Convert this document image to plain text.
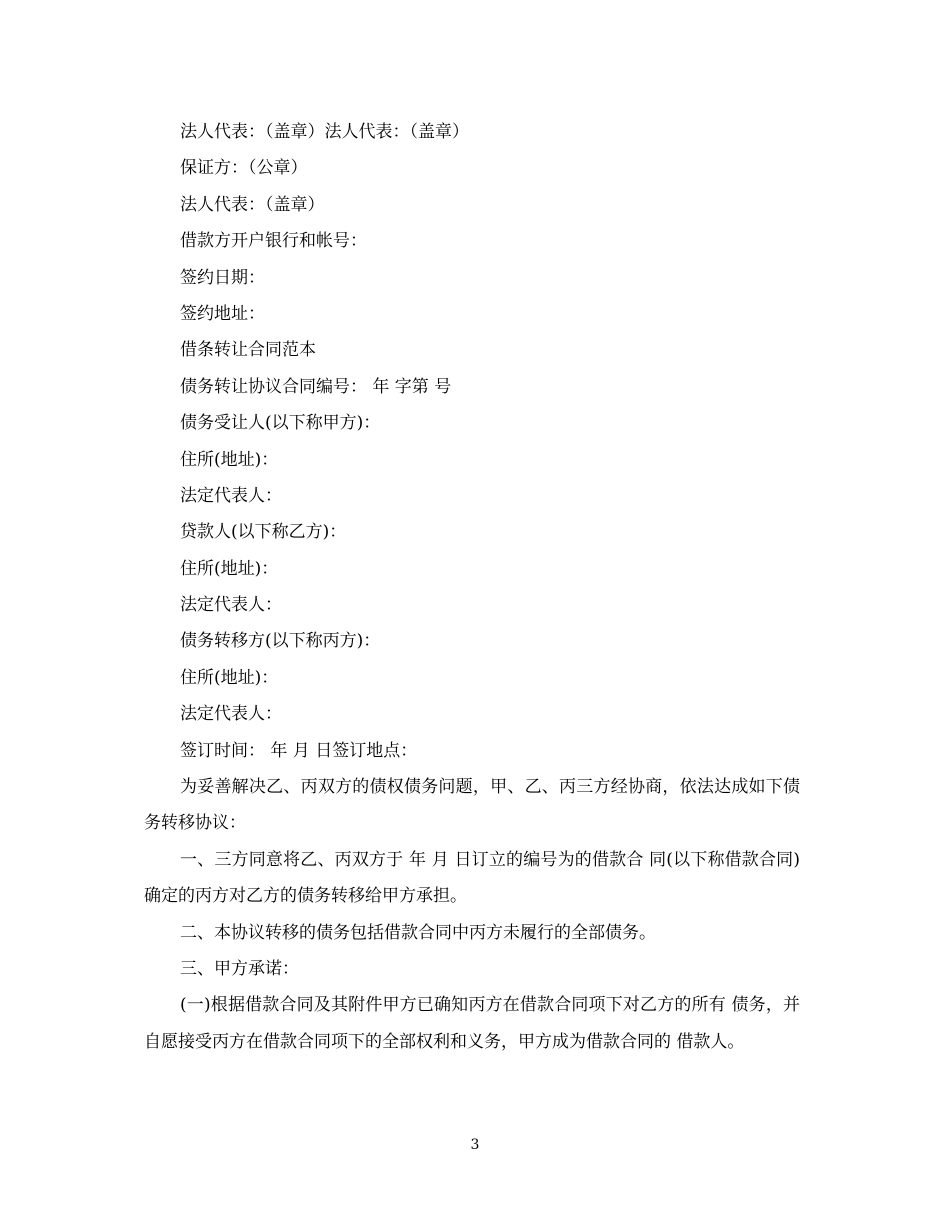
法人代表：（盖章）法人代表：（盖章）
保证方：（公章）
法人代表：（盖章）
借款方开户银行和帐号：
签约日期：
签约地址：
借条转让合同范本
债务转让协议合同编号： 年 字第 号
债务受让人(以下称甲方)：
住所(地址)：
法定代表人：
贷款人(以下称乙方)：
住所(地址)：
法定代表人：
债务转移方(以下称丙方)：
住所(地址)：
法定代表人：
签订时间： 年 月 日签订地点：
为妥善解决乙、丙双方的债权债务问题，甲、乙、丙三方经协商，依法达成如下债务转移协议：
一、三方同意将乙、丙双方于 年 月 日订立的编号为的借款合 同(以下称借款合同)确定的丙方对乙方的债务转移给甲方承担。
二、本协议转移的债务包括借款合同中丙方未履行的全部债务。
三、甲方承诺：
(一)根据借款合同及其附件甲方已确知丙方在借款合同项下对乙方的所有 债务，并自愿接受丙方在借款合同项下的全部权利和义务，甲方成为借款合同的 借款人。
3
